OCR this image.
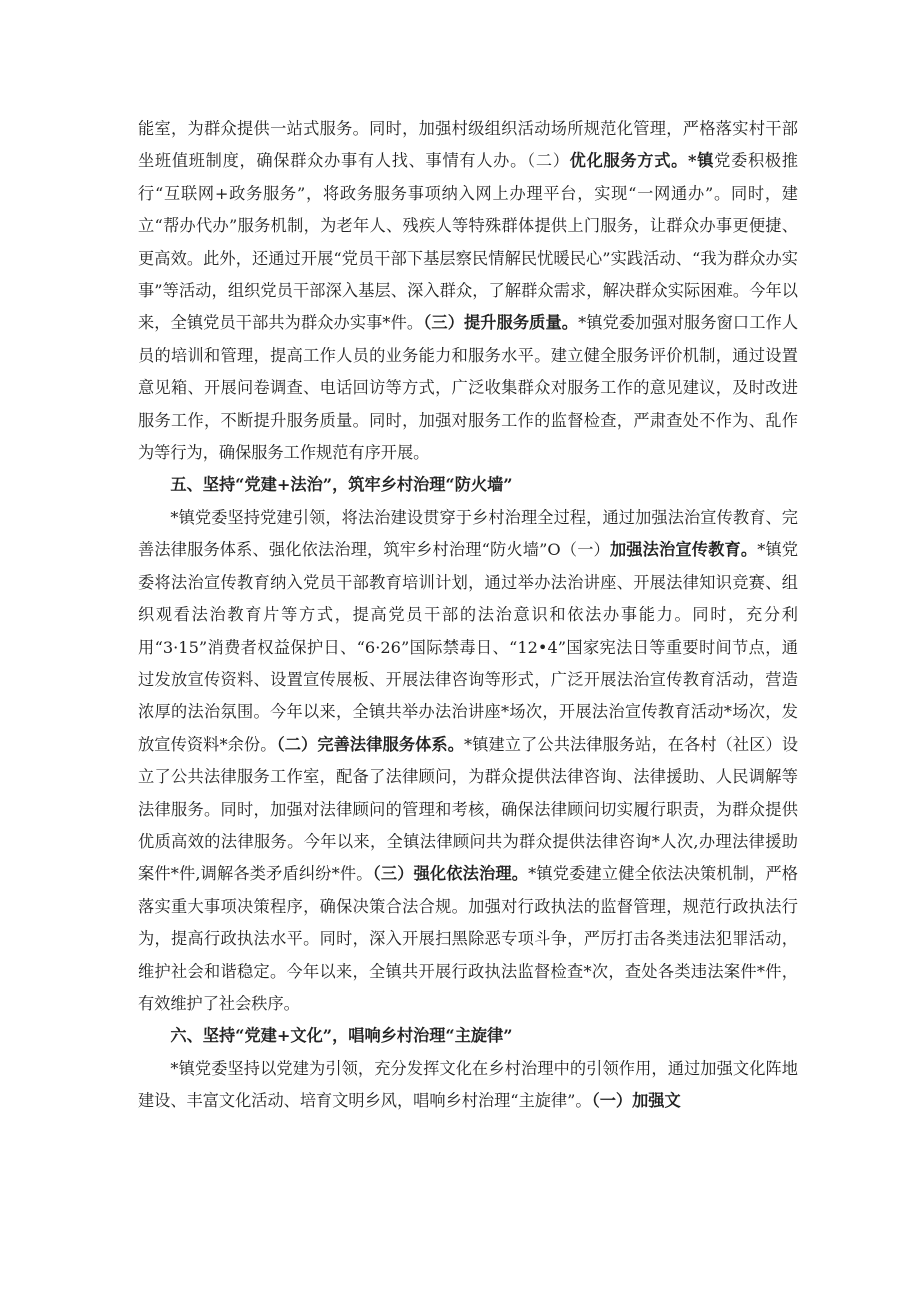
能室，为群众提供一站式服务。同时，加强村级组织活动场所规范化管理，严格落实村干部坐班值班制度，确保群众办事有人找、事情有人办。（二）优化服务方式。*镇党委积极推行“互联网+政务服务”，将政务服务事项纳入网上办理平台，实现“一网通办”。同时，建立“帮办代办”服务机制，为老年人、残疾人等特殊群体提供上门服务，让群众办事更便捷、更高效。此外，还通过开展“党员干部下基层察民情解民忧暖民心”实践活动、“我为群众办实事”等活动，组织党员干部深入基层、深入群众，了解群众需求，解决群众实际困难。今年以来，全镇党员干部共为群众办实事*件。（三）提升服务质量。*镇党委加强对服务窗口工作人员的培训和管理，提高工作人员的业务能力和服务水平。建立健全服务评价机制，通过设置意见箱、开展问卷调查、电话回访等方式，广泛收集群众对服务工作的意见建议，及时改进服务工作，不断提升服务质量。同时，加强对服务工作的监督检查，严肃查处不作为、乱作为等行为，确保服务工作规范有序开展。

五、坚持“党建+法治”，筑牢乡村治理“防火墙”

*镇党委坚持党建引领，将法治建设贯穿于乡村治理全过程，通过加强法治宣传教育、完善法律服务体系、强化依法治理，筑牢乡村治理“防火墙”O（一）加强法治宣传教育。*镇党委将法治宣传教育纳入党员干部教育培训计划，通过举办法治讲座、开展法律知识竞赛、组织观看法治教育片等方式，提高党员干部的法治意识和依法办事能力。同时，充分利用“3·15”消费者权益保护日、“6·26”国际禁毒日、“12•4”国家宪法日等重要时间节点，通过发放宣传资料、设置宣传展板、开展法律咨询等形式，广泛开展法治宣传教育活动，营造浓厚的法治氛围。今年以来，全镇共举办法治讲座*场次，开展法治宣传教育活动*场次，发放宣传资料*余份。（二）完善法律服务体系。*镇建立了公共法律服务站，在各村（社区）设立了公共法律服务工作室，配备了法律顾问，为群众提供法律咨询、法律援助、人民调解等法律服务。同时，加强对法律顾问的管理和考核，确保法律顾问切实履行职责，为群众提供优质高效的法律服务。今年以来，全镇法律顾问共为群众提供法律咨询*人次,办理法律援助案件*件,调解各类矛盾纠纷*件。（三）强化依法治理。*镇党委建立健全依法决策机制，严格落实重大事项决策程序，确保决策合法合规。加强对行政执法的监督管理，规范行政执法行为，提高行政执法水平。同时，深入开展扫黑除恶专项斗争，严厉打击各类违法犯罪活动，维护社会和谐稳定。今年以来，全镇共开展行政执法监督检查*次，查处各类违法案件*件，有效维护了社会秩序。

六、坚持“党建+文化”，唱响乡村治理“主旋律”

*镇党委坚持以党建为引领，充分发挥文化在乡村治理中的引领作用，通过加强文化阵地建设、丰富文化活动、培育文明乡风，唱响乡村治理“主旋律”。（一）加强文
